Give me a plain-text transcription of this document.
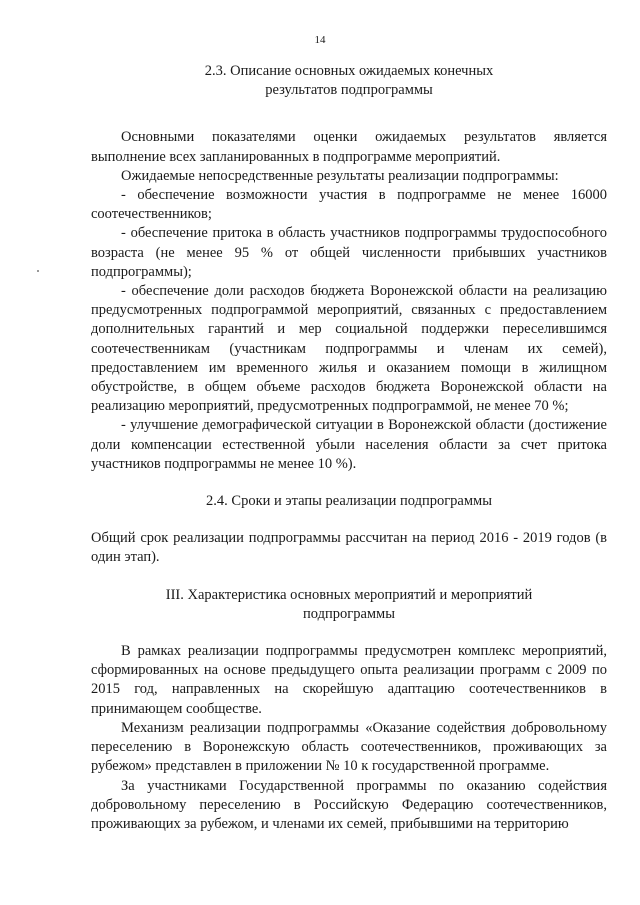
14
2.3. Описание основных ожидаемых конечных
результатов подпрограммы

Основными показателями оценки ожидаемых результатов является выполнение всех запланированных в подпрограмме мероприятий.

Ожидаемые непосредственные результаты реализации подпрограммы:

- обеспечение возможности участия в подпрограмме не менее 16000 соотечественников;

- обеспечение притока в область участников подпрограммы трудоспособного возраста (не менее 95 % от общей численности прибывших участников подпрограммы);

- обеспечение доли расходов бюджета Воронежской области на реализацию предусмотренных подпрограммой мероприятий, связанных с предоставлением дополнительных гарантий и мер социальной поддержки переселившимся соотечественникам (участникам подпрограммы и членам их семей), предоставлением им временного жилья и оказанием помощи в жилищном обустройстве, в общем объеме расходов бюджета Воронежской области на реализацию мероприятий, предусмотренных подпрограммой, не менее 70 %;

- улучшение демографической ситуации в Воронежской области (достижение доли компенсации естественной убыли населения области за счет притока участников подпрограммы не менее 10 %).

2.4. Сроки и этапы реализации подпрограммы

Общий срок реализации подпрограммы рассчитан на период 2016 - 2019 годов (в один этап).

III. Характеристика основных мероприятий и мероприятий
подпрограммы

В рамках реализации подпрограммы предусмотрен комплекс мероприятий, сформированных на основе предыдущего опыта реализации программ с 2009 по 2015 год, направленных на скорейшую адаптацию соотечественников в принимающем сообществе.

Механизм реализации подпрограммы «Оказание содействия добровольному переселению в Воронежскую область соотечественников, проживающих за рубежом» представлен в приложении № 10 к государственной программе.

За участниками Государственной программы по оказанию содействия добровольному переселению в Российскую Федерацию соотечественников, проживающих за рубежом, и членами их семей, прибывшими на территорию
